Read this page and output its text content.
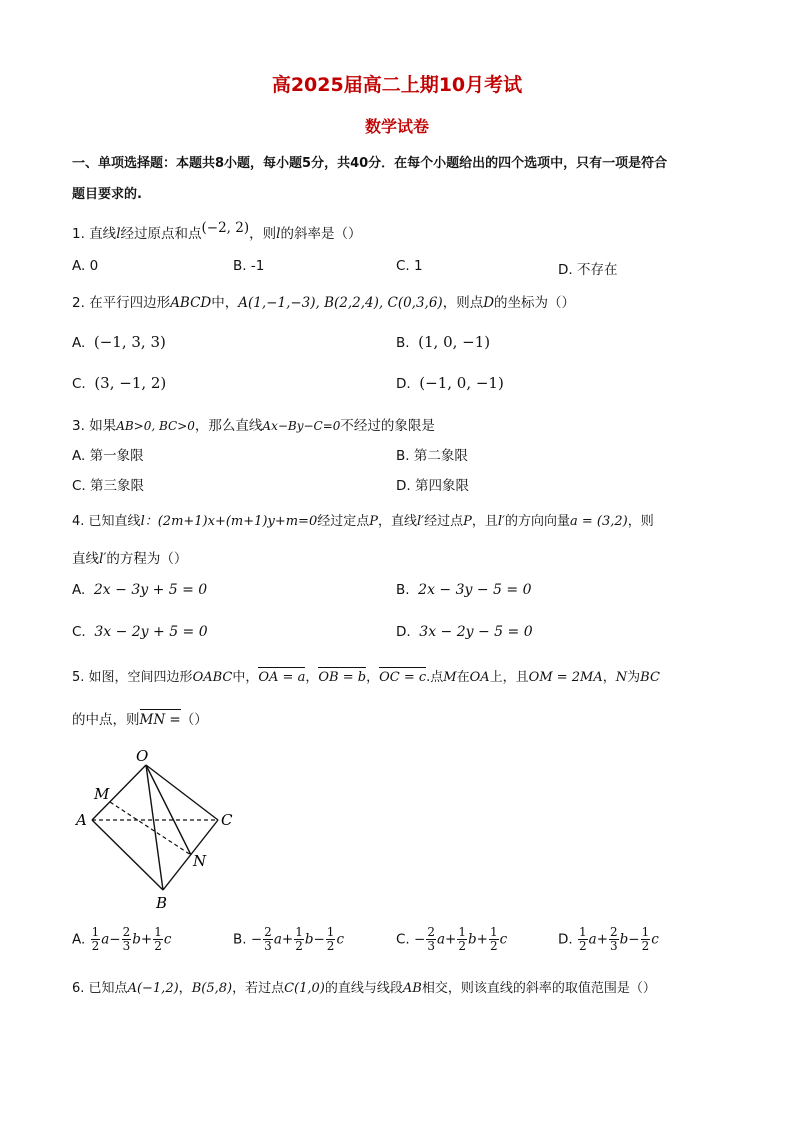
高2025届高二上期10月考试
数学试卷
一、单项选择题：本题共8小题，每小题5分，共40分．在每个小题给出的四个选项中，只有一项是符合
题目要求的.
1. 直线l经过原点和点(−2, 2)，则l的斜率是（）
A. 0	B. -1	C. 1	D. 不存在
2. 在平行四边形ABCD中，A(1,−1,−3), B(2,2,4), C(0,3,6)，则点D的坐标为（）
A. (−1, 3, 3)	B. (1, 0, −1)
C. (3, −1, 2)	D. (−1, 0, −1)
3. 如果AB>0, BC>0，那么直线Ax−By−C=0不经过的象限是
A. 第一象限	B. 第二象限
C. 第三象限	D. 第四象限
4. 已知直线l：(2m+1)x+(m+1)y+m=0经过定点P，直线l′经过点P，且l′的方向向量a = (3,2)，则
直线l′的方程为（）
A. 2x − 3y + 5 = 0	B. 2x − 3y − 5 = 0
C. 3x − 2y + 5 = 0	D. 3x − 2y − 5 = 0
5. 如图，空间四边形OABC中，OA = a，OB = b，OC = c.点M在OA上，且OM = 2MA，N为BC
的中点，则MN =（）
O
M
A	C
N
B
A. $\frac{1}{2} a- \frac{2}{3} b+ \frac{1}{2}$ c	B. − $\frac{2}{3} a+ \frac{1}{2} b- \frac{1}{2}$ c	C. − $\frac{2}{3} a+ \frac{1}{2} b+ \frac{1}{2}$ c	D. $\frac{1}{2} a+ \frac{2}{3} b- \frac{1}{2}$ c
6. 已知点A(−1,2)，B(5,8)，若过点C(1,0)的直线与线段AB相交，则该直线的斜率的取值范围是（）
